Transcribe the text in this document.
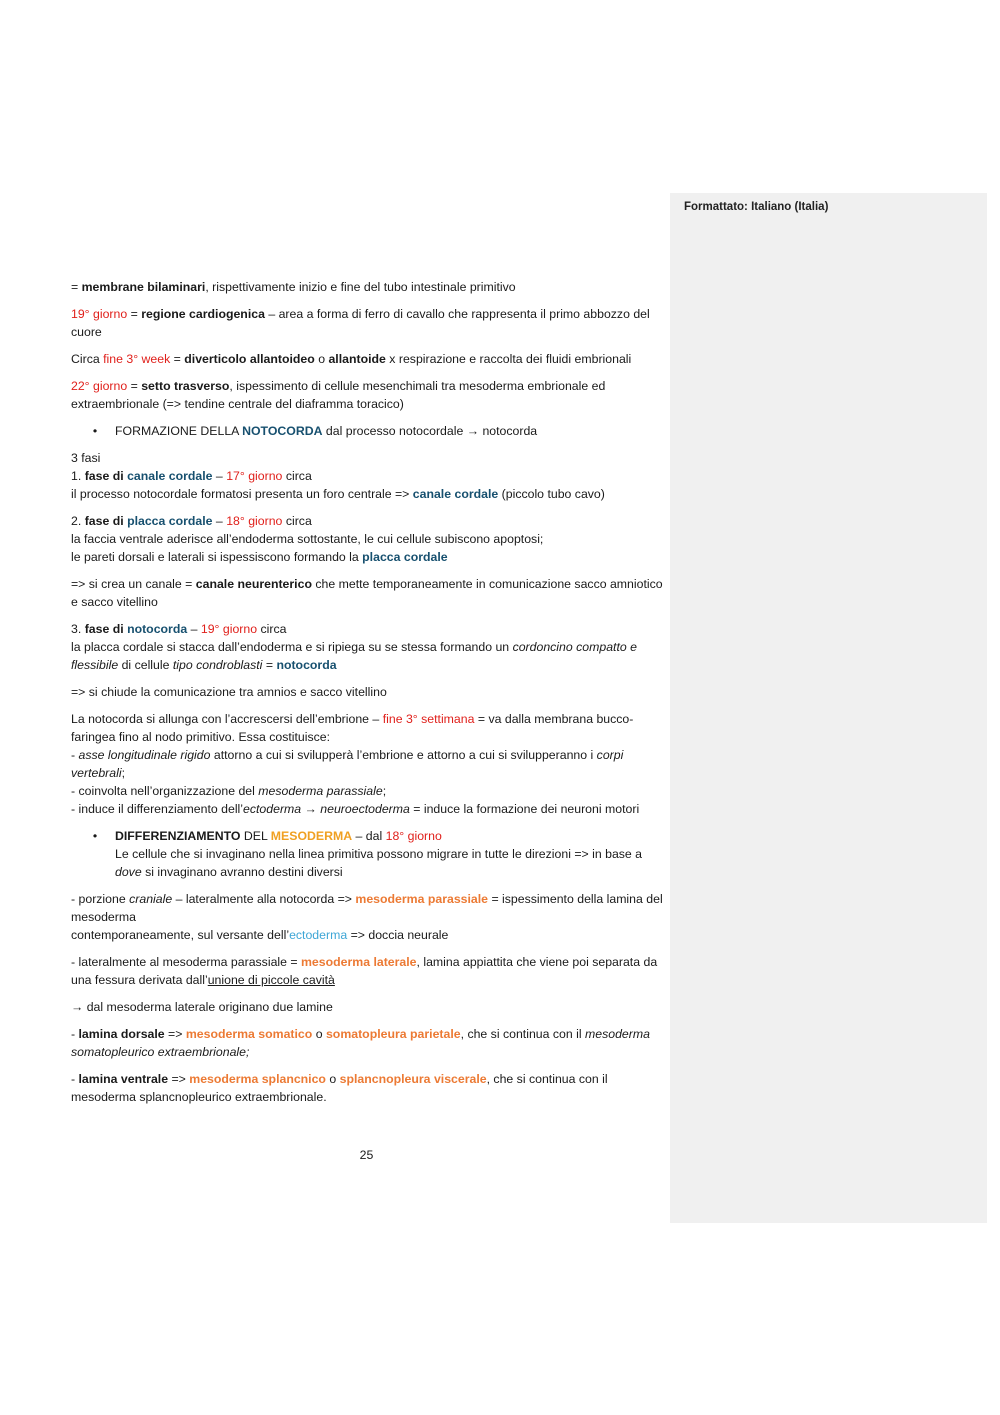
Formattato: Italiano (Italia)

= membrane bilaminari, rispettivamente inizio e fine del tubo intestinale primitivo

19° giorno = regione cardiogenica – area a forma di ferro di cavallo che rappresenta il primo abbozzo del cuore

Circa fine 3° week = diverticolo allantoideo o allantoide x respirazione e raccolta dei fluidi embrionali

22° giorno = setto trasverso, ispessimento di cellule mesenchimali tra mesoderma embrionale ed extraembrionale (=> tendine centrale del diaframma toracico)

•	FORMAZIONE DELLA NOTOCORDA dal processo notocordale → notocorda

3 fasi
1. fase di canale cordale – 17° giorno circa
il processo notocordale formatosi presenta un foro centrale => canale cordale (piccolo tubo cavo)

2. fase di placca cordale – 18° giorno circa
la faccia ventrale aderisce all’endoderma sottostante, le cui cellule subiscono apoptosi;
le pareti dorsali e laterali si ispessiscono formando la placca cordale

=> si crea un canale = canale neurenterico che mette temporaneamente in comunicazione sacco amniotico e sacco vitellino

3. fase di notocorda – 19° giorno circa
la placca cordale si stacca dall’endoderma e si ripiega su se stessa formando un cordoncino compatto e flessibile di cellule tipo condroblasti = notocorda

=> si chiude la comunicazione tra amnios e sacco vitellino

La notocorda si allunga con l’accrescersi dell’embrione – fine 3° settimana = va dalla membrana bucco-faringea fino al nodo primitivo. Essa costituisce:
- asse longitudinale rigido attorno a cui si svilupperà l’embrione e attorno a cui si svilupperanno i corpi vertebrali;
- coinvolta nell’organizzazione del mesoderma parassiale;
- induce il differenziamento dell’ectoderma → neuroectoderma = induce la formazione dei neuroni motori

•	DIFFERENZIAMENTO DEL MESODERMA – dal 18° giorno
Le cellule che si invaginano nella linea primitiva possono migrare in tutte le direzioni => in base a dove si invaginano avranno destini diversi

- porzione craniale – lateralmente alla notocorda => mesoderma parassiale = ispessimento della lamina del mesoderma
contemporaneamente, sul versante dell’ectoderma => doccia neurale

- lateralmente al mesoderma parassiale = mesoderma laterale, lamina appiattita che viene poi separata da una fessura derivata dall’unione di piccole cavità

→ dal mesoderma laterale originano due lamine

- lamina dorsale => mesoderma somatico o somatopleura parietale, che si continua con il mesoderma somatopleurico extraembrionale;

- lamina ventrale => mesoderma splancnico o splancnopleura viscerale, che si continua con il mesoderma splancnopleurico extraembrionale.

25
